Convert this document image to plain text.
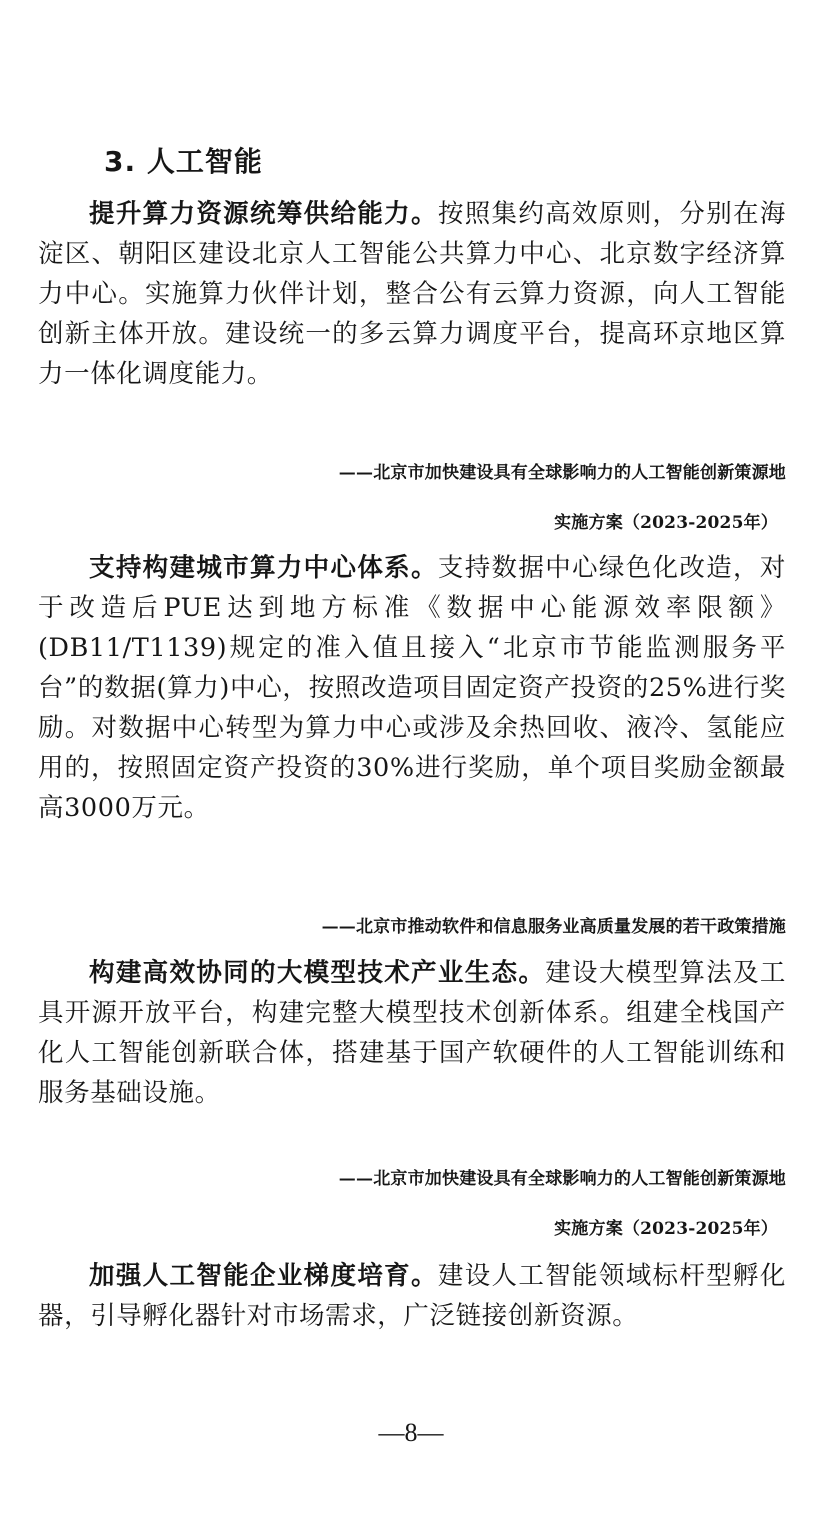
3. 人工智能

提升算力资源统筹供给能力。按照集约高效原则，分别在海淀区、朝阳区建设北京人工智能公共算力中心、北京数字经济算力中心。实施算力伙伴计划，整合公有云算力资源，向人工智能创新主体开放。建设统一的多云算力调度平台，提高环京地区算力一体化调度能力。

——北京市加快建设具有全球影响力的人工智能创新策源地

实施方案（2023-2025年）

支持构建城市算力中心体系。支持数据中心绿色化改造，对于改造后PUE达到地方标准《数据中心能源效率限额》(DB11/T1139)规定的准入值且接入“北京市节能监测服务平台”的数据(算力)中心，按照改造项目固定资产投资的25%进行奖励。对数据中心转型为算力中心或涉及余热回收、液冷、氢能应用的，按照固定资产投资的30%进行奖励，单个项目奖励金额最高3000万元。

——北京市推动软件和信息服务业高质量发展的若干政策措施

构建高效协同的大模型技术产业生态。建设大模型算法及工具开源开放平台，构建完整大模型技术创新体系。组建全栈国产化人工智能创新联合体，搭建基于国产软硬件的人工智能训练和服务基础设施。

——北京市加快建设具有全球影响力的人工智能创新策源地

实施方案（2023-2025年）

加强人工智能企业梯度培育。建设人工智能领域标杆型孵化器，引导孵化器针对市场需求，广泛链接创新资源。

—8—
